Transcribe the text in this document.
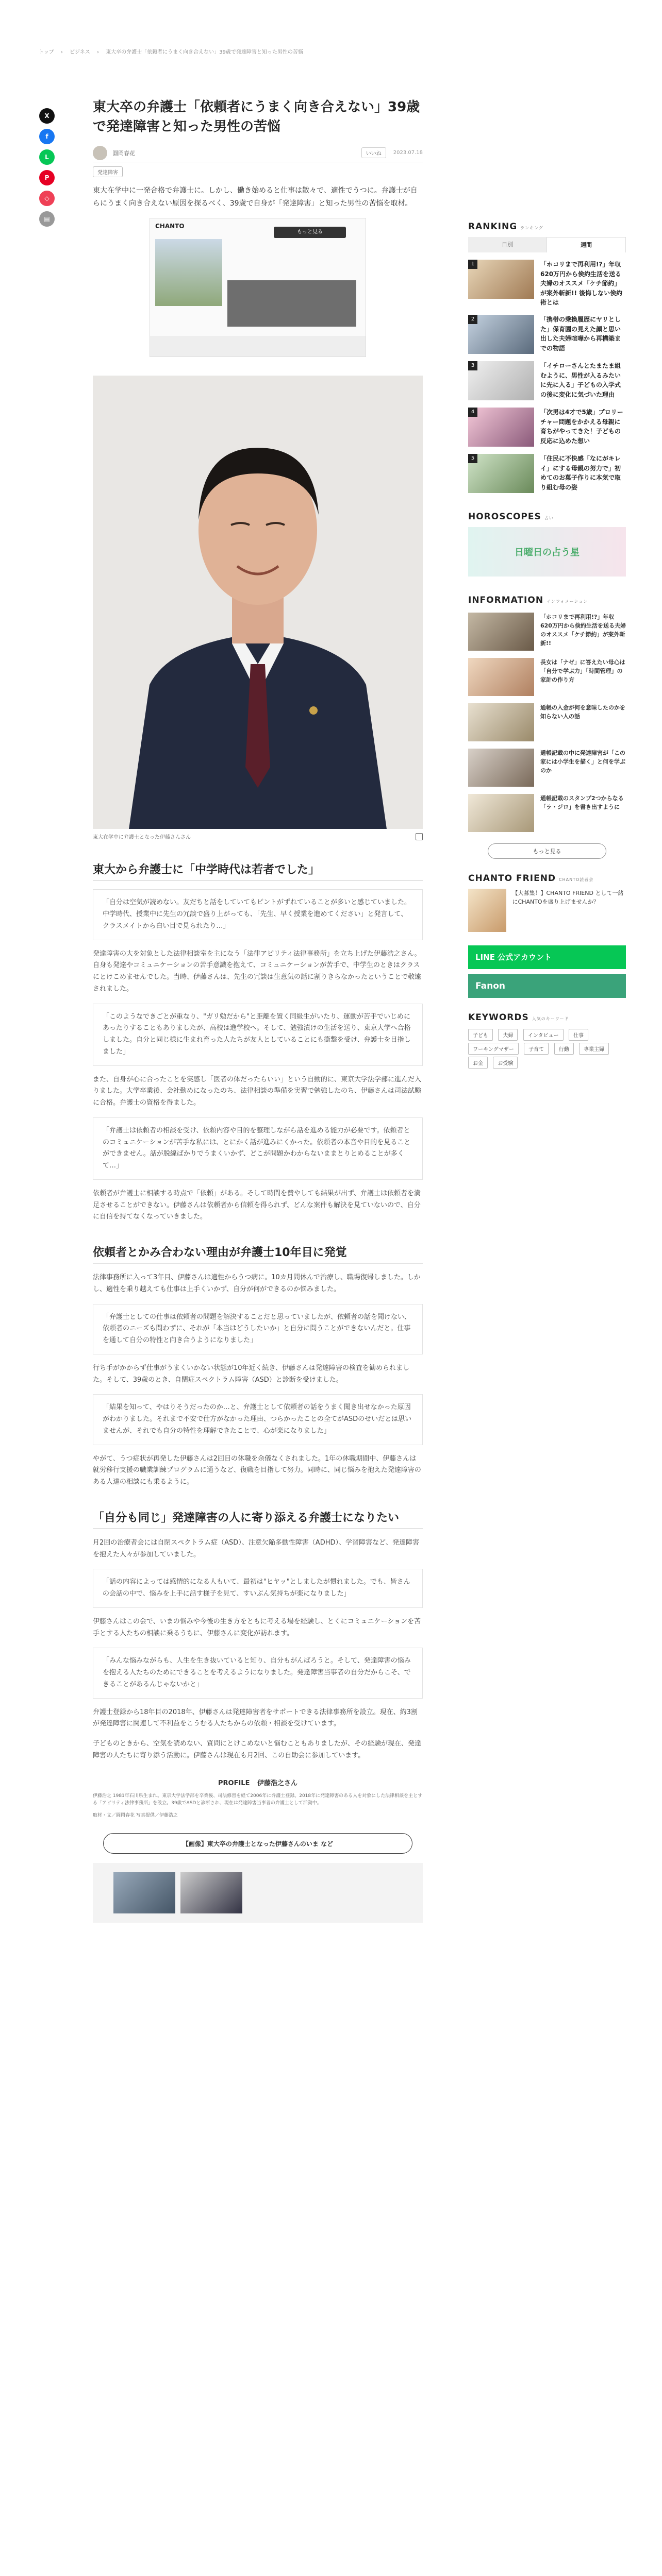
トップ › ビジネス › 東大卒の弁護士「依頼者にうまく向き合えない」39歳で発達障害と知った男性の苦悩
X
f
L
P
◇
▤
東大卒の弁護士「依頼者にうまく向き合えない」39歳で発達障害と知った男性の苦悩
圓岡春花	いいね	2023.07.18
発達障害

東大在学中に一発合格で弁護士に。しかし、働き始めると仕事は散々で、適性でうつに。弁護士が自らにうまく向き合えない原因を探るべく、39歳で自身が「発達障害」と知った男性の苦悩を取材。

CHANTO
もっと見る

東大在学中に弁護士となった伊藤さんさん

東大から弁護士に「中学時代は若者でした」
「自分は空気が読めない。友だちと話をしていてもピントがずれていることが多いと感じていました。中学時代、授業中に先生の冗談で盛り上がっても、「先生、早く授業を進めてください」と発言して、クラスメイトから白い目で見られたり…」

発達障害の大を対象とした法律相談室を主になう「法律アピリティ法律事務所」を立ち上げた伊藤浩之さん。自身も発達やコミュニケーションの苦手意識を抱えて、コミュニケーションが苦手で、中学生のときはクラスにとけこめませんでした。当時、伊藤さんは、先生の冗談は生意気の話に割りきらなかったということで敬遠されました。

「このようなできごとが重なり、"ガリ勉だから"と距離を置く同級生がいたり、運動が苦手でいじめにあったりすることもありましたが、高校は進学校へ。そして、勉強漬けの生活を送り、東京大学へ合格しました。自分と同じ様に生まれ育った人たちが友人としていることにも衝撃を受け、弁護士を目指しました」

また、自身が心に合ったことを実感し「医者の体だったらいい」という自動的に、東京大学法学部に進んだ入りました。大学卒業後、会社勤めになったのち、法律相談の準備を実習で勉強したのち、伊藤さんは司法試験に合格。弁護士の資格を得ました。

「弁護士は依頼者の相談を受け、依頼内容や目的を整理しながら話を進める能力が必要です。依頼者とのコミュニケーションが苦手な私には、とにかく話が進みにくかった。依頼者の本音や目的を見ることができません。話が脱線ばかりでうまくいかず、どこが問題かわからないままとりとめることが多くて…」

依頼者が弁護士に相談する時点で「依頼」がある。そして時間を費やしても結果が出ず、弁護士は依頼者を満足させることができない。伊藤さんは依頼者から信頼を得られず、どんな案件も解決を見ていないので、自分に自信を持てなくなっていきました。

依頼者とかみ合わない理由が弁護士10年目に発覚

法律事務所に入って3年目、伊藤さんは適性からうつ病に。10カ月間休んで治療し、職場復帰しました。しかし、適性を乗り越えても仕事は上手くいかず、自分が何ができるのか悩みました。

「弁護士としての仕事は依頼者の問題を解決することだと思っていましたが、依頼者の話を聞けない、依頼者のニーズも問わずに、それが「本当はどうしたいか」と自分に問うことができないんだと。仕事を通して自分の特性と向き合うようになりました」

行ち手がかからず仕事がうまくいかない状態が10年近く続き、伊藤さんは発達障害の検査を勧められました。そして、39歳のとき、自閉症スペクトラム障害（ASD）と診断を受けました。

「結果を知って、やはりそうだったのか…と、弁護士として依頼者の話をうまく聞き出せなかった原因がわかりました。それまで不安で仕方がなかった理由、つらかったことの全てがASDのせいだとは思いませんが、それでも自分の特性を理解できたことで、心が楽になりました」

やがて、うつ症状が再発した伊藤さんは2回目の休職を余儀なくされました。1年の休職期間中、伊藤さんは就労移行支援の職業訓練プログラムに通うなど、復職を目指して努力。同時に、同じ悩みを抱えた発達障害のある人達の相談にも乗るように。

「自分も同じ」発達障害の人に寄り添える弁護士になりたい

月2回の治療者会には自閉スペクトラム症（ASD）、注意欠陥多動性障害（ADHD）、学習障害など、発達障害を抱えた人々が参加していました。

「話の内容によっては感情的になる人もいて、最初は"ヒヤッ"としましたが慣れました。でも、皆さんの会話の中で、悩みを上手に話す様子を見て、すいぶん気持ちが楽になりました」

伊藤さんはこの会で、いまの悩みや今後の生き方をともに考える場を経験し、とくにコミュニケーションを苦手とする人たちの相談に乗るうちに、伊藤さんに変化が訪れます。

「みんな悩みながらも、人生を生き抜いていると知り、自分もがんばろうと。そして、発達障害の悩みを抱える人たちのためにできることを考えるようになりました。発達障害当事者の自分だからこそ、できることがあるんじゃないかと」

弁護士登録から18年目の2018年、伊藤さんは発達障害者をサポートできる法律事務所を設立。現在、約3割が発達障害に関連して不利益をこうむる人たちからの依頼・相談を受けています。

子どものときから、空気を読めない、質問にとけこめないと悩むこともありましたが、その経験が現在、発達障害の人たちに寄り添う活動に。伊藤さんは現在も月2回、この自助会に参加しています。

PROFILE 伊藤浩之さん

伊藤浩之 1981年石川県生まれ。東京大学法学部を卒業後、司法修習を経て2006年に弁護士登録。2018年に発達障害のある人を対象にした法律相談を主とする「アピリティ法律事務所」を設立。39歳でASDと診断され、現在は発達障害当事者の弁護士として活動中。

取材・文／圓岡春花 写真提供／伊藤浩之

【画像】東大卒の弁護士となった伊藤さんのいま など
RANKING ランキング
日別	週間
1	「ホコリまで再利用!?」年収620万円から倹約生活を送る夫婦のオススメ「ケチ節約」が案外斬新!! 後悔しない倹約術とは
2	「携帯の乗換履歴にヤリとした」保育園の見えた顔と思い出した夫婦喧嘩から再構築までの物語
3	「イチローさんとたまたま組むように、男性が入るみたいに先に入る」子どもの入学式の後に変化に気づいた理由
4	「次男は4才で5歳」プロリーチャー問題をかかえる母親に育ちがやってきた！子どもの反応に込めた想い
5	「住民に不快感「なにがキレイ」にする母親の努力で」初めてのお菓子作りに本気で取り組む母の姿
HOROSCOPES 占い
日曜日の占う星
INFORMATION インフォメーション
「ホコリまで再利用!?」年収620万円から倹約生活を送る夫婦のオススメ「ケチ節約」が案外斬新!!
長女は「ナゼ」に答えたい母心は「自分で学ぶ力」「時間管理」の家計の作り方
通帳の入金が何を意味したのかを知らない人の話
通帳記載の中に発達障害が「この家には小学生を描く」と何を学ぶのか
通帳記載のスタンプ2つからなる「ラ・ジロ」を書き出すように
もっと見る
CHANTO FRIEND CHANTO読者会
【大募集！】CHANTO FRIEND として一緒にCHANTOを盛り上げませんか？
LINE 公式アカウント
Fanon
KEYWORDS 人気のキーワード
子ども	夫婦	インタビュー	仕事 ワーキングマザー	子育て	行動	専業主婦 お金	お受験
